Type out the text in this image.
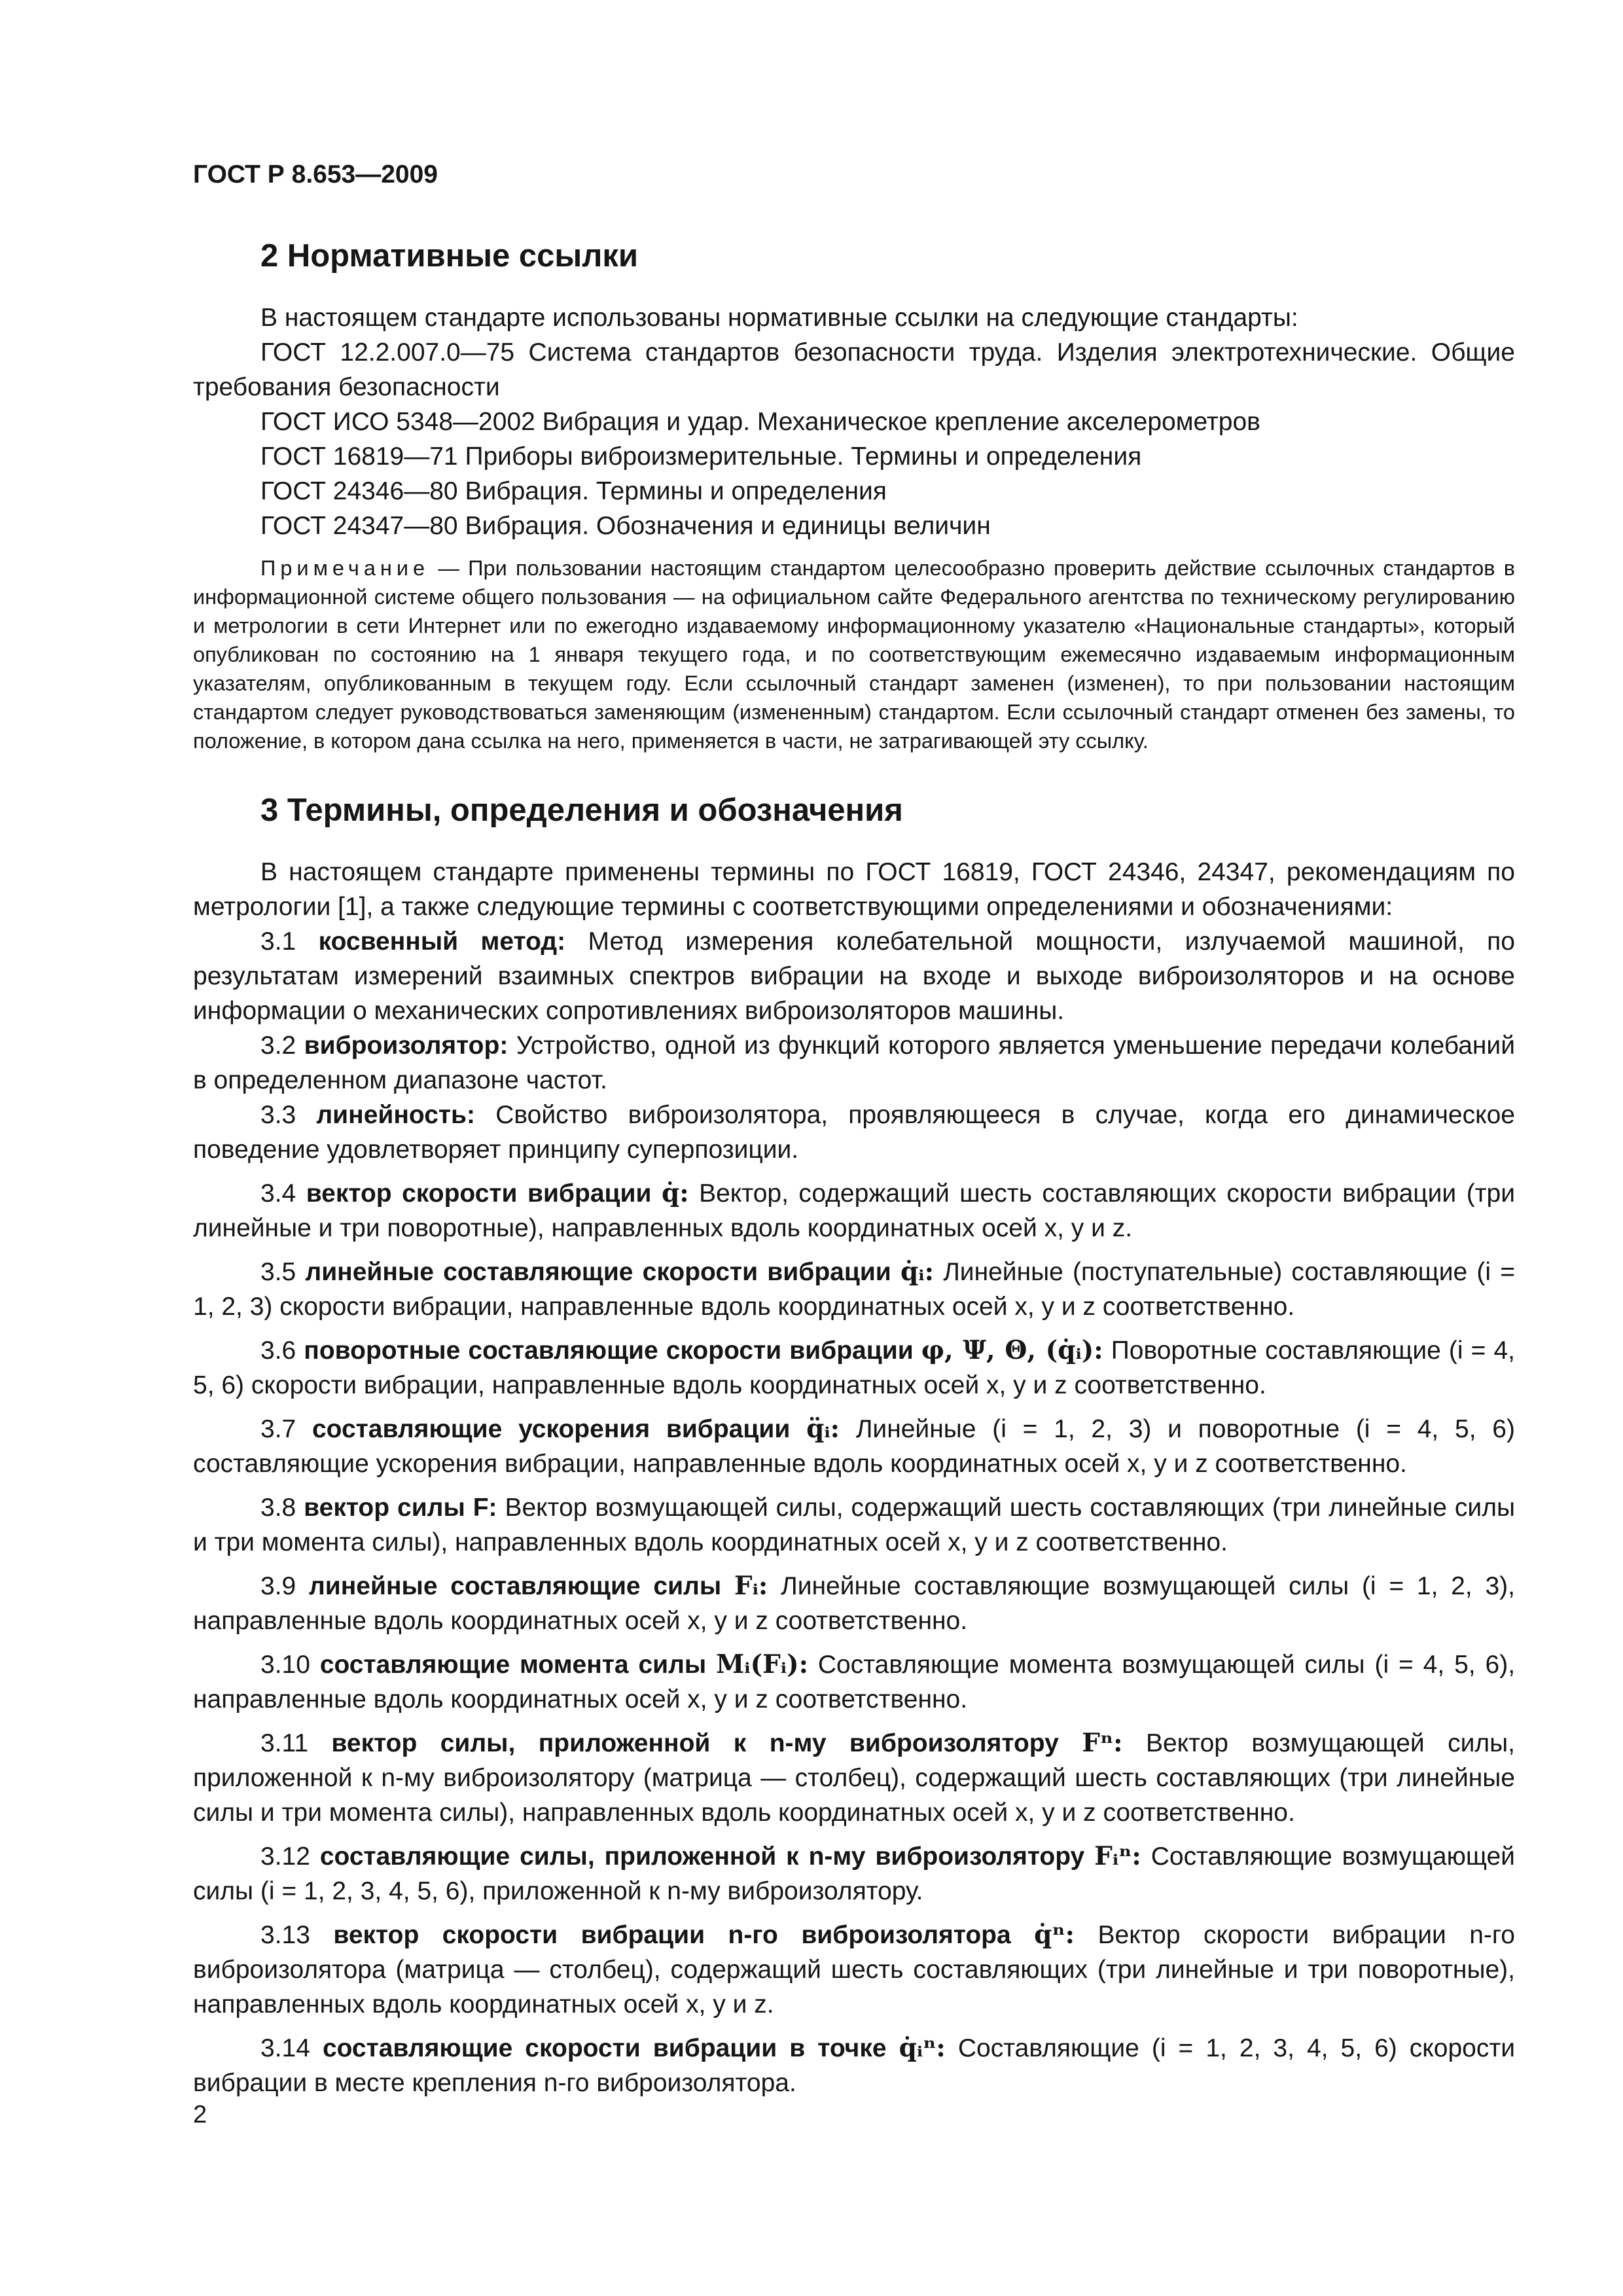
ГОСТ Р 8.653—2009
2 Нормативные ссылки

В настоящем стандарте использованы нормативные ссылки на следующие стандарты:

ГОСТ 12.2.007.0—75 Система стандартов безопасности труда. Изделия электротехнические. Общие требования безопасности

ГОСТ ИСО 5348—2002 Вибрация и удар. Механическое крепление акселерометров

ГОСТ 16819—71 Приборы виброизмерительные. Термины и определения

ГОСТ 24346—80 Вибрация. Термины и определения

ГОСТ 24347—80 Вибрация. Обозначения и единицы величин

Примечание — При пользовании настоящим стандартом целесообразно проверить действие ссылочных стандартов в информационной системе общего пользования — на официальном сайте Федерального агентства по техническому регулированию и метрологии в сети Интернет или по ежегодно издаваемому информационному указателю «Национальные стандарты», который опубликован по состоянию на 1 января текущего года, и по соответствующим ежемесячно издаваемым информационным указателям, опубликованным в текущем году. Если ссылочный стандарт заменен (изменен), то при пользовании настоящим стандартом следует руководствоваться заменяющим (измененным) стандартом. Если ссылочный стандарт отменен без замены, то положение, в котором дана ссылка на него, применяется в части, не затрагивающей эту ссылку.

3 Термины, определения и обозначения

В настоящем стандарте применены термины по ГОСТ 16819, ГОСТ 24346, 24347, рекомендациям по метрологии [1], а также следующие термины с соответствующими определениями и обозначениями:

3.1 косвенный метод: Метод измерения колебательной мощности, излучаемой машиной, по результатам измерений взаимных спектров вибрации на входе и выходе виброизоляторов и на основе информации о механических сопротивлениях виброизоляторов машины.

3.2 виброизолятор: Устройство, одной из функций которого является уменьшение передачи колебаний в определенном диапазоне частот.

3.3 линейность: Свойство виброизолятора, проявляющееся в случае, когда его динамическое поведение удовлетворяет принципу суперпозиции.

3.4 вектор скорости вибрации q̇: Вектор, содержащий шесть составляющих скорости вибрации (три линейные и три поворотные), направленных вдоль координатных осей x, y и z.

3.5 линейные составляющие скорости вибрации q̇ᵢ: Линейные (поступательные) составляющие (i = 1, 2, 3) скорости вибрации, направленные вдоль координатных осей x, y и z соответственно.

3.6 поворотные составляющие скорости вибрации φ, Ψ, Θ, (q̇ᵢ): Поворотные составляющие (i = 4, 5, 6) скорости вибрации, направленные вдоль координатных осей x, y и z соответственно.

3.7 составляющие ускорения вибрации q̈ᵢ: Линейные (i = 1, 2, 3) и поворотные (i = 4, 5, 6) составляющие ускорения вибрации, направленные вдоль координатных осей x, y и z соответственно.

3.8 вектор силы F: Вектор возмущающей силы, содержащий шесть составляющих (три линейные силы и три момента силы), направленных вдоль координатных осей x, y и z соответственно.

3.9 линейные составляющие силы Fᵢ: Линейные составляющие возмущающей силы (i = 1, 2, 3), направленные вдоль координатных осей x, y и z соответственно.

3.10 составляющие момента силы Mᵢ(Fᵢ): Составляющие момента возмущающей силы (i = 4, 5, 6), направленные вдоль координатных осей x, y и z соответственно.

3.11 вектор силы, приложенной к n-му виброизолятору Fⁿ: Вектор возмущающей силы, приложенной к n-му виброизолятору (матрица — столбец), содержащий шесть составляющих (три линейные силы и три момента силы), направленных вдоль координатных осей x, y и z соответственно.

3.12 составляющие силы, приложенной к n-му виброизолятору Fᵢⁿ: Составляющие возмущающей силы (i = 1, 2, 3, 4, 5, 6), приложенной к n-му виброизолятору.

3.13 вектор скорости вибрации n-го виброизолятора q̇ⁿ: Вектор скорости вибрации n-го виброизолятора (матрица — столбец), содержащий шесть составляющих (три линейные и три поворотные), направленных вдоль координатных осей x, y и z.

3.14 составляющие скорости вибрации в точке q̇ᵢⁿ: Составляющие (i = 1, 2, 3, 4, 5, 6) скорости вибрации в месте крепления n-го виброизолятора.

2
